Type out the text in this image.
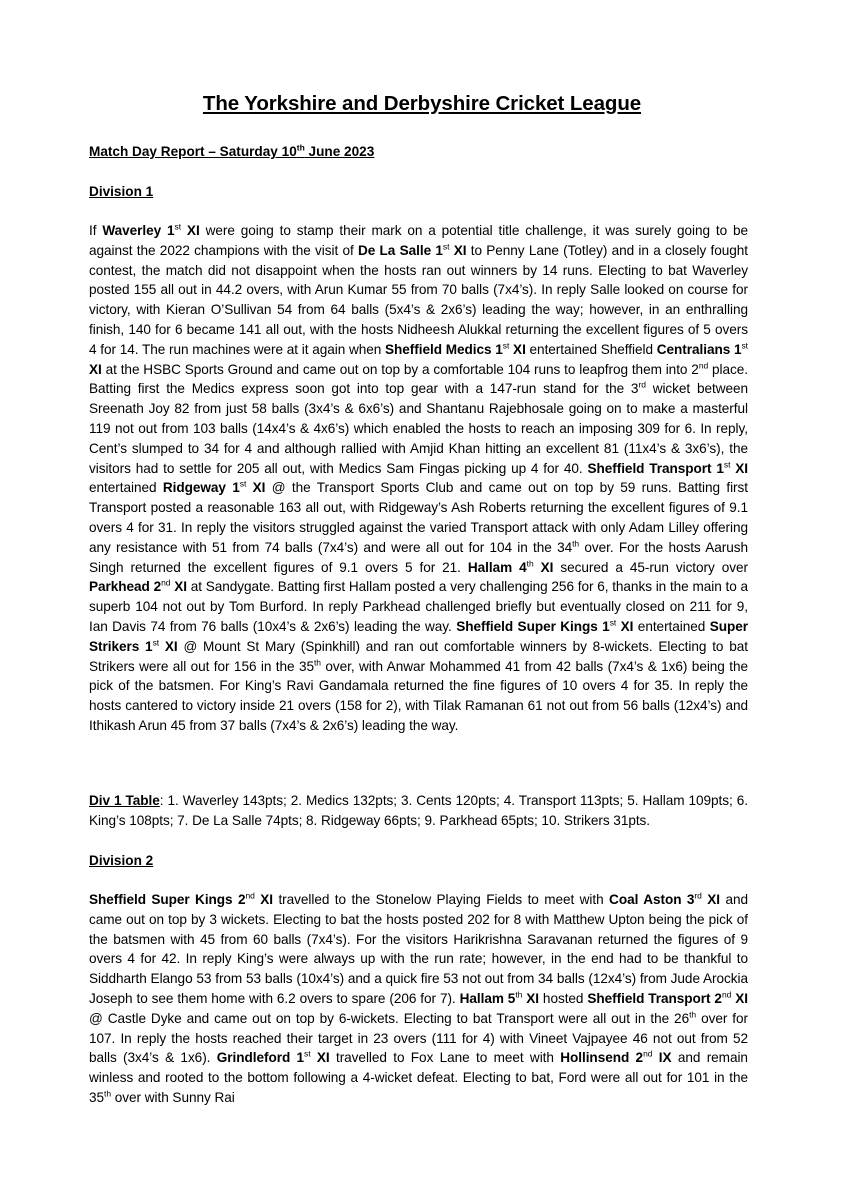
The Yorkshire and Derbyshire Cricket League
Match Day Report – Saturday 10th June 2023
Division 1
If Waverley 1st XI were going to stamp their mark on a potential title challenge, it was surely going to be against the 2022 champions with the visit of De La Salle 1st XI to Penny Lane (Totley) and in a closely fought contest, the match did not disappoint when the hosts ran out winners by 14 runs. Electing to bat Waverley posted 155 all out in 44.2 overs, with Arun Kumar 55 from 70 balls (7x4’s). In reply Salle looked on course for victory, with Kieran O’Sullivan 54 from 64 balls (5x4’s & 2x6’s) leading the way; however, in an enthralling finish, 140 for 6 became 141 all out, with the hosts Nidheesh Alukkal returning the excellent figures of 5 overs 4 for 14. The run machines were at it again when Sheffield Medics 1st XI entertained Sheffield Centralians 1st XI at the HSBC Sports Ground and came out on top by a comfortable 104 runs to leapfrog them into 2nd place. Batting first the Medics express soon got into top gear with a 147-run stand for the 3rd wicket between Sreenath Joy 82 from just 58 balls (3x4’s & 6x6’s) and Shantanu Rajebhosale going on to make a masterful 119 not out from 103 balls (14x4’s & 4x6’s) which enabled the hosts to reach an imposing 309 for 6. In reply, Cent’s slumped to 34 for 4 and although rallied with Amjid Khan hitting an excellent 81 (11x4’s & 3x6’s), the visitors had to settle for 205 all out, with Medics Sam Fingas picking up 4 for 40. Sheffield Transport 1st XI entertained Ridgeway 1st XI @ the Transport Sports Club and came out on top by 59 runs. Batting first Transport posted a reasonable 163 all out, with Ridgeway’s Ash Roberts returning the excellent figures of 9.1 overs 4 for 31. In reply the visitors struggled against the varied Transport attack with only Adam Lilley offering any resistance with 51 from 74 balls (7x4’s) and were all out for 104 in the 34th over. For the hosts Aarush Singh returned the excellent figures of 9.1 overs 5 for 21. Hallam 4th XI secured a 45-run victory over Parkhead 2nd XI at Sandygate. Batting first Hallam posted a very challenging 256 for 6, thanks in the main to a superb 104 not out by Tom Burford. In reply Parkhead challenged briefly but eventually closed on 211 for 9, Ian Davis 74 from 76 balls (10x4’s & 2x6’s) leading the way. Sheffield Super Kings 1st XI entertained Super Strikers 1st XI @ Mount St Mary (Spinkhill) and ran out comfortable winners by 8-wickets. Electing to bat Strikers were all out for 156 in the 35th over, with Anwar Mohammed 41 from 42 balls (7x4’s & 1x6) being the pick of the batsmen. For King’s Ravi Gandamala returned the fine figures of 10 overs 4 for 35. In reply the hosts cantered to victory inside 21 overs (158 for 2), with Tilak Ramanan 61 not out from 56 balls (12x4’s) and Ithikash Arun 45 from 37 balls (7x4’s & 2x6’s) leading the way.
Div 1 Table: 1. Waverley 143pts; 2. Medics 132pts; 3. Cents 120pts; 4. Transport 113pts; 5. Hallam 109pts; 6. King’s 108pts; 7. De La Salle 74pts; 8. Ridgeway 66pts; 9. Parkhead 65pts; 10. Strikers 31pts.
Division 2
Sheffield Super Kings 2nd XI travelled to the Stonelow Playing Fields to meet with Coal Aston 3rd XI and came out on top by 3 wickets. Electing to bat the hosts posted 202 for 8 with Matthew Upton being the pick of the batsmen with 45 from 60 balls (7x4’s). For the visitors Harikrishna Saravanan returned the figures of 9 overs 4 for 42. In reply King’s were always up with the run rate; however, in the end had to be thankful to Siddharth Elango 53 from 53 balls (10x4’s) and a quick fire 53 not out from 34 balls (12x4’s) from Jude Arockia Joseph to see them home with 6.2 overs to spare (206 for 7). Hallam 5th XI hosted Sheffield Transport 2nd XI @ Castle Dyke and came out on top by 6-wickets. Electing to bat Transport were all out in the 26th over for 107. In reply the hosts reached their target in 23 overs (111 for 4) with Vineet Vajpayee 46 not out from 52 balls (3x4’s & 1x6). Grindleford 1st XI travelled to Fox Lane to meet with Hollinsend 2nd IX and remain winless and rooted to the bottom following a 4-wicket defeat. Electing to bat, Ford were all out for 101 in the 35th over with Sunny Rai
